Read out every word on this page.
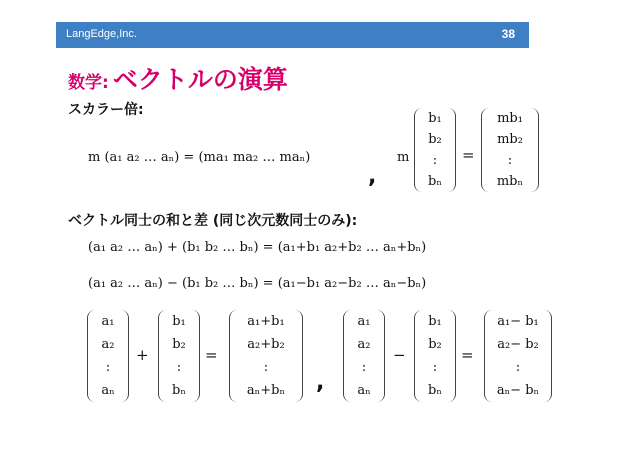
LangEdge,Inc.	38
数学: ベクトルの演算
スカラー倍:
m (a₁ a₂ … aₙ) = (ma₁ ma₂ … maₙ)
,
m
b₁
b₂
:
bₙ
=
mb₁
mb₂
:
mbₙ
ベクトル同士の和と差 (同じ次元数同士のみ):
(a₁ a₂ … aₙ) + (b₁ b₂ … bₙ) = (a₁+b₁ a₂+b₂ … aₙ+bₙ)
(a₁ a₂ … aₙ) − (b₁ b₂ … bₙ) = (a₁−b₁ a₂−b₂ … aₙ−bₙ)
a₁
a₂
:
aₙ
+
b₁
b₂
:
bₙ
=
a₁+b₁
a₂+b₂
:
aₙ+bₙ ,
a₁
a₂
:
aₙ
−
b₁
b₂
:
bₙ
=
a₁− b₁
a₂− b₂
:
aₙ− bₙ
